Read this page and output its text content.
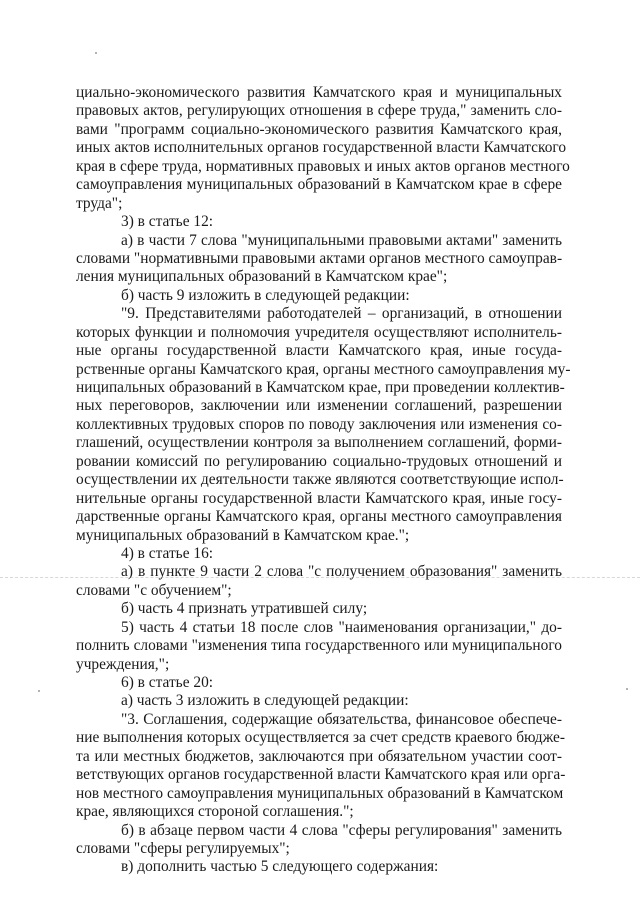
циально-экономического развития Камчатского края и муниципальных
правовых актов, регулирующих отношения в сфере труда," заменить сло-
вами "программ социально-экономического развития Камчатского края,
иных актов исполнительных органов государственной власти Камчатского
края в сфере труда, нормативных правовых и иных актов органов местного
самоуправления муниципальных образований в Камчатском крае в сфере
труда";
3) в статье 12:
а) в части 7 слова "муниципальными правовыми актами" заменить
словами "нормативными правовыми актами органов местного самоуправ-
ления муниципальных образований в Камчатском крае";
б) часть 9 изложить в следующей редакции:
"9. Представителями работодателей – организаций, в отношении
которых функции и полномочия учредителя осуществляют исполнитель-
ные органы государственной власти Камчатского края, иные госуда-
рственные органы Камчатского края, органы местного самоуправления му-
ниципальных образований в Камчатском крае, при проведении коллектив-
ных переговоров, заключении или изменении соглашений, разрешении
коллективных трудовых споров по поводу заключения или изменения со-
глашений, осуществлении контроля за выполнением соглашений, форми-
ровании комиссий по регулированию социально-трудовых отношений и
осуществлении их деятельности также являются соответствующие испол-
нительные органы государственной власти Камчатского края, иные госу-
дарственные органы Камчатского края, органы местного самоуправления
муниципальных образований в Камчатском крае.";
4) в статье 16:
а) в пункте 9 части 2 слова "с получением образования" заменить
словами "с обучением";
б) часть 4 признать утратившей силу;
5) часть 4 статьи 18 после слов "наименования организации," до-
полнить словами "изменения типа государственного или муниципального
учреждения,";
6) в статье 20:
а) часть 3 изложить в следующей редакции:
"3. Соглашения, содержащие обязательства, финансовое обеспече-
ние выполнения которых осуществляется за счет средств краевого бюдже-
та или местных бюджетов, заключаются при обязательном участии соот-
ветствующих органов государственной власти Камчатского края или орга-
нов местного самоуправления муниципальных образований в Камчатском
крае, являющихся стороной соглашения.";
б) в абзаце первом части 4 слова "сферы регулирования" заменить
словами "сферы регулируемых";
в) дополнить частью 5 следующего содержания:
